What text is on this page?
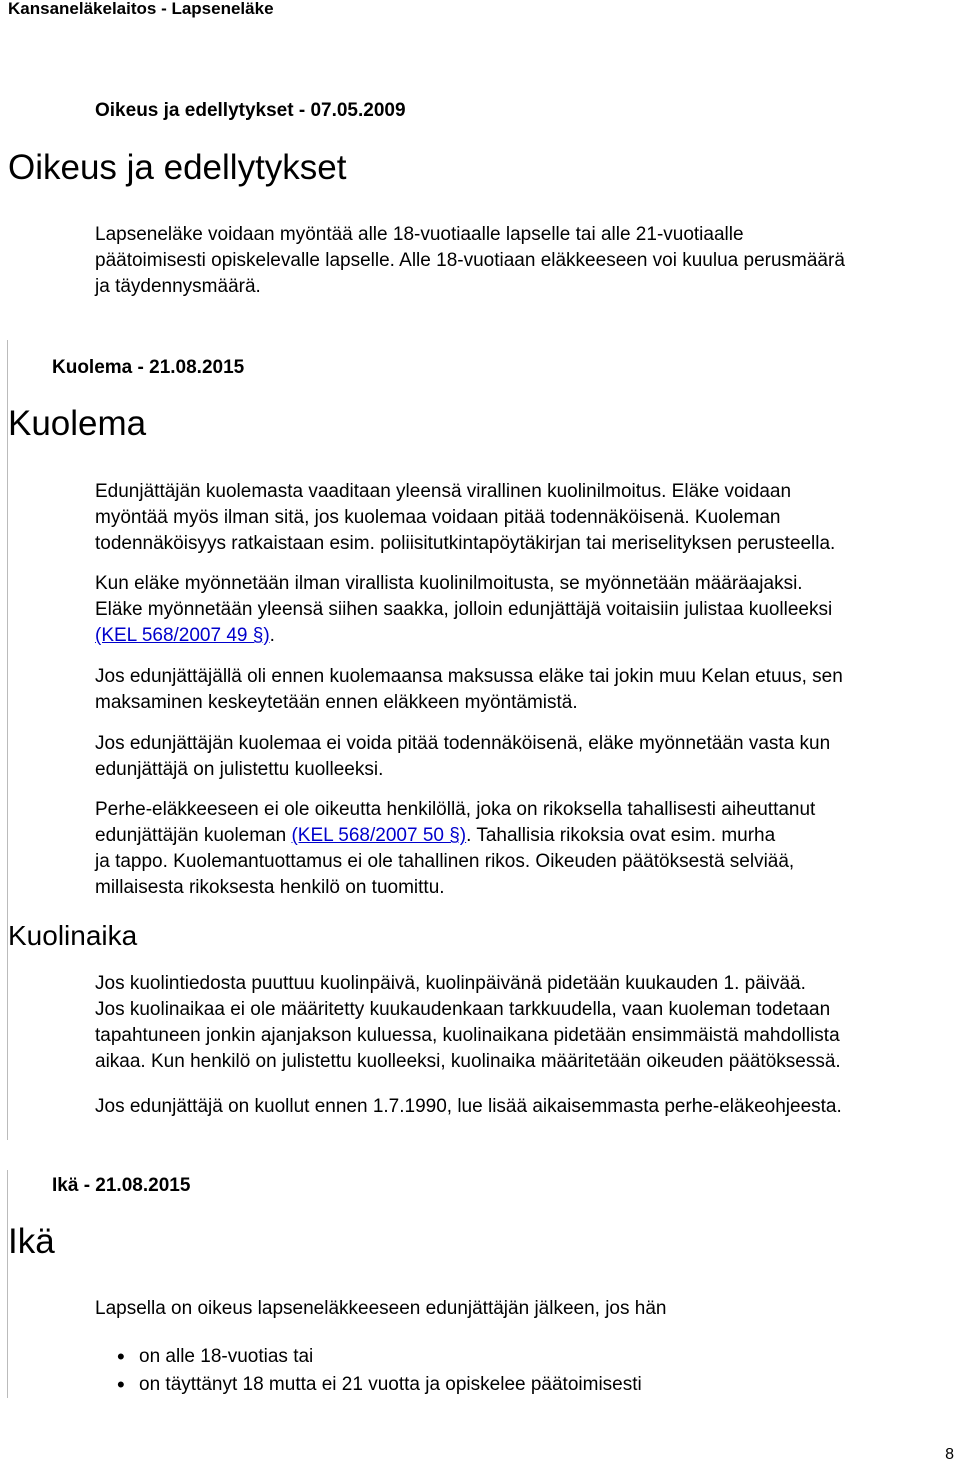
Kansaneläkelaitos - Lapseneläke
Oikeus ja edellytykset - 07.05.2009
Oikeus ja edellytykset
Lapseneläke voidaan myöntää alle 18-vuotiaalle lapselle tai alle 21-vuotiaalle
päätoimisesti opiskelevalle lapselle. Alle 18-vuotiaan eläkkeeseen voi kuulua perusmäärä
ja täydennysmäärä.
Kuolema - 21.08.2015
Kuolema
Edunjättäjän kuolemasta vaaditaan yleensä virallinen kuolinilmoitus. Eläke voidaan
myöntää myös ilman sitä, jos kuolemaa voidaan pitää todennäköisenä. Kuoleman
todennäköisyys ratkaistaan esim. poliisitutkintapöytäkirjan tai meriselityksen perusteella.
Kun eläke myönnetään ilman virallista kuolinilmoitusta, se myönnetään määräajaksi.
Eläke myönnetään yleensä siihen saakka, jolloin edunjättäjä voitaisiin julistaa kuolleeksi
(KEL 568/2007 49 §).
Jos edunjättäjällä oli ennen kuolemaansa maksussa eläke tai jokin muu Kelan etuus, sen
maksaminen keskeytetään ennen eläkkeen myöntämistä.
Jos edunjättäjän kuolemaa ei voida pitää todennäköisenä, eläke myönnetään vasta kun
edunjättäjä on julistettu kuolleeksi.
Perhe-eläkkeeseen ei ole oikeutta henkilöllä, joka on rikoksella tahallisesti aiheuttanut
edunjättäjän kuoleman (KEL 568/2007 50 §). Tahallisia rikoksia ovat esim. murha
ja tappo. Kuolemantuottamus ei ole tahallinen rikos. Oikeuden päätöksestä selviää,
millaisesta rikoksesta henkilö on tuomittu.
Kuolinaika
Jos kuolintiedosta puuttuu kuolinpäivä, kuolinpäivänä pidetään kuukauden 1. päivää.
Jos kuolinaikaa ei ole määritetty kuukaudenkaan tarkkuudella, vaan kuoleman todetaan
tapahtuneen jonkin ajanjakson kuluessa, kuolinaikana pidetään ensimmäistä mahdollista
aikaa. Kun henkilö on julistettu kuolleeksi, kuolinaika määritetään oikeuden päätöksessä.
Jos edunjättäjä on kuollut ennen 1.7.1990, lue lisää aikaisemmasta perhe-eläkeohjeesta.
Ikä - 21.08.2015
Ikä
Lapsella on oikeus lapseneläkkeeseen edunjättäjän jälkeen, jos hän
• on alle 18-vuotias tai
• on täyttänyt 18 mutta ei 21 vuotta ja opiskelee päätoimisesti
8
